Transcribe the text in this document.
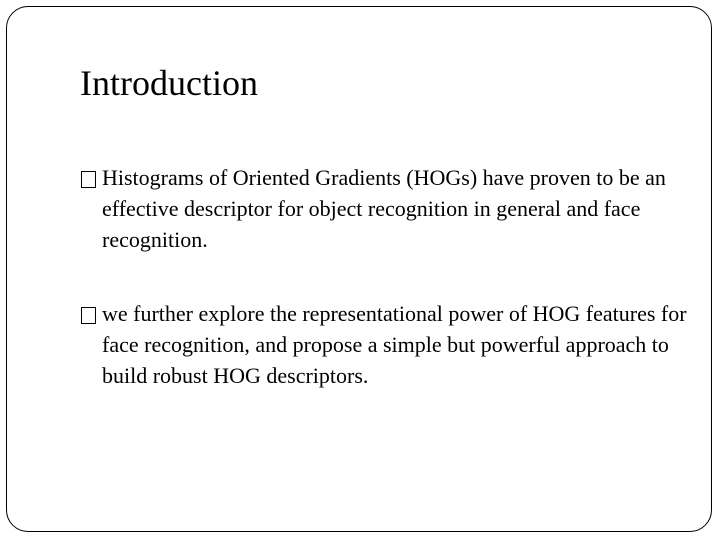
Introduction
Histograms of Oriented Gradients (HOGs) have proven to be an effective descriptor for object recognition in general and face recognition.
we further explore the representational power of HOG features for face recognition, and propose a simple but powerful approach to build robust HOG descriptors.
